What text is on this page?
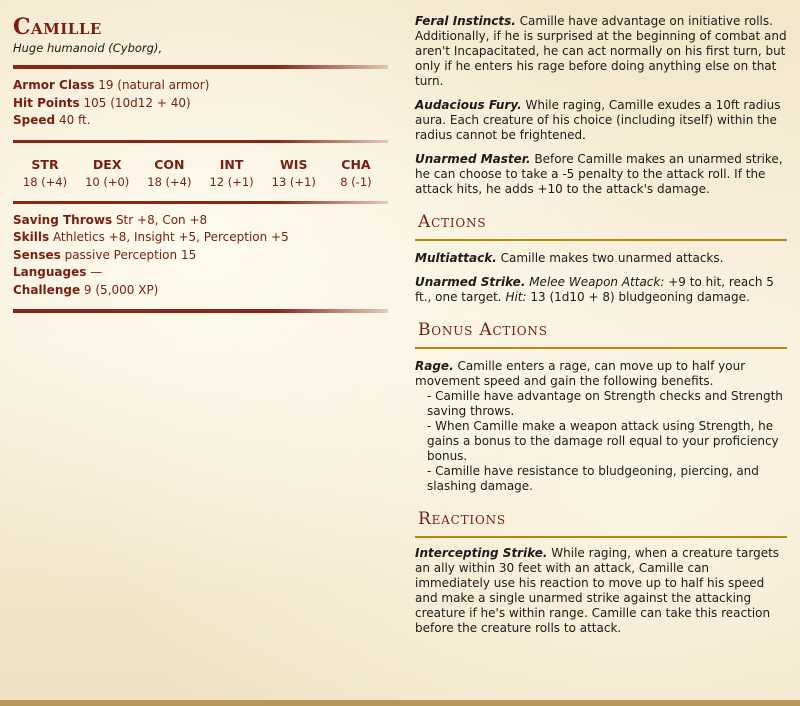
Camille
Huge humanoid (Cyborg),
Armor Class 19 (natural armor)
Hit Points 105 (10d12 + 40)
Speed 40 ft.
STR
18 (+4)
DEX
10 (+0)
CON
18 (+4)
INT
12 (+1)
WIS
13 (+1)
CHA
8 (-1)
Saving Throws Str +8, Con +8
Skills Athletics +8, Insight +5, Perception +5
Senses passive Perception 15
Languages —
Challenge 9 (5,000 XP)

Feral Instincts. Camille have advantage on initiative rolls. Additionally, if he is surprised at the beginning of combat and aren't Incapacitated, he can act normally on his first turn, but only if he enters his rage before doing anything else on that turn.

Audacious Fury. While raging, Camille exudes a 10ft radius aura. Each creature of his choice (including itself) within the radius cannot be frightened.

Unarmed Master. Before Camille makes an unarmed strike, he can choose to take a -5 penalty to the attack roll. If the attack hits, he adds +10 to the attack's damage.

Actions

Multiattack. Camille makes two unarmed attacks.

Unarmed Strike. Melee Weapon Attack: +9 to hit, reach 5 ft., one target. Hit: 13 (1d10 + 8) bludgeoning damage.

Bonus Actions

Rage. Camille enters a rage, can move up to half your movement speed and gain the following benefits.
- Camille have advantage on Strength checks and Strength saving throws.
- When Camille make a weapon attack using Strength, he gains a bonus to the damage roll equal to your proficiency bonus.
- Camille have resistance to bludgeoning, piercing, and slashing damage.

Reactions

Intercepting Strike. While raging, when a creature targets an ally within 30 feet with an attack, Camille can immediately use his reaction to move up to half his speed and make a single unarmed strike against the attacking creature if he's within range. Camille can take this reaction before the creature rolls to attack.
